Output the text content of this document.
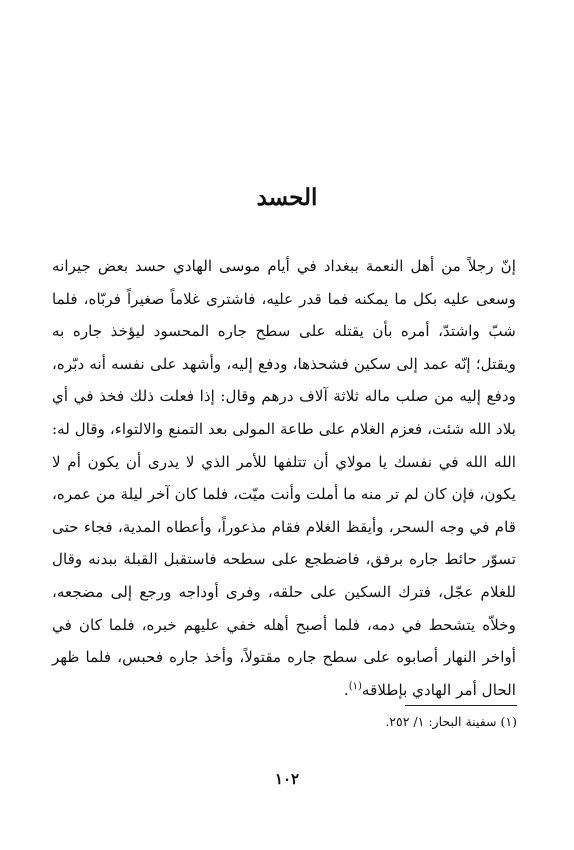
الحسد

إنّ رجلاً من أهل النعمة ببغداد في أيام موسى الهادي حسد بعض جيرانه وسعى عليه بكل ما يمكنه فما قدر عليه، فاشترى غلاماً صغيراً فربّاه، فلما شبّ واشتدّ، أمره بأن يقتله على سطح جاره المحسود ليؤخذ جاره به ويقتل؛ إنّه عمد إلى سكين فشحذها، ودفع إليه، وأشهد على نفسه أنه دبّره، ودفع إليه من صلب ماله ثلاثة آلاف درهم وقال: إذا فعلت ذلك فخذ في أي بلاد الله شئت، فعزم الغلام على طاعة المولى بعد التمنع والالتواء، وقال له: الله الله في نفسك يا مولاي أن تتلفها للأمر الذي لا يدرى أن يكون أم لا يكون، فإن كان لم تر منه ما أملت وأنت ميّت، فلما كان آخر ليلة من عمره، قام في وجه السحر، وأيقظ الغلام فقام مذعوراً، وأعطاه المدية، فجاء حتى تسوّر حائط جاره برفق، فاضطجع على سطحه فاستقبل القبلة ببدنه وقال للغلام عجّل، فترك السكين على حلقه، وفرى أوداجه ورجع إلى مضجعه، وخلاّه يتشحط في دمه، فلما أصبح أهله خفي عليهم خبره، فلما كان في أواخر النهار أصابوه على سطح جاره مقتولاً، وأخذ جاره فحبس، فلما ظهر الحال أمر الهادي بإطلاقه$^{(١)}$.

(١) سفينة البحار: ١/ ٢٥٢.

١٠٢
